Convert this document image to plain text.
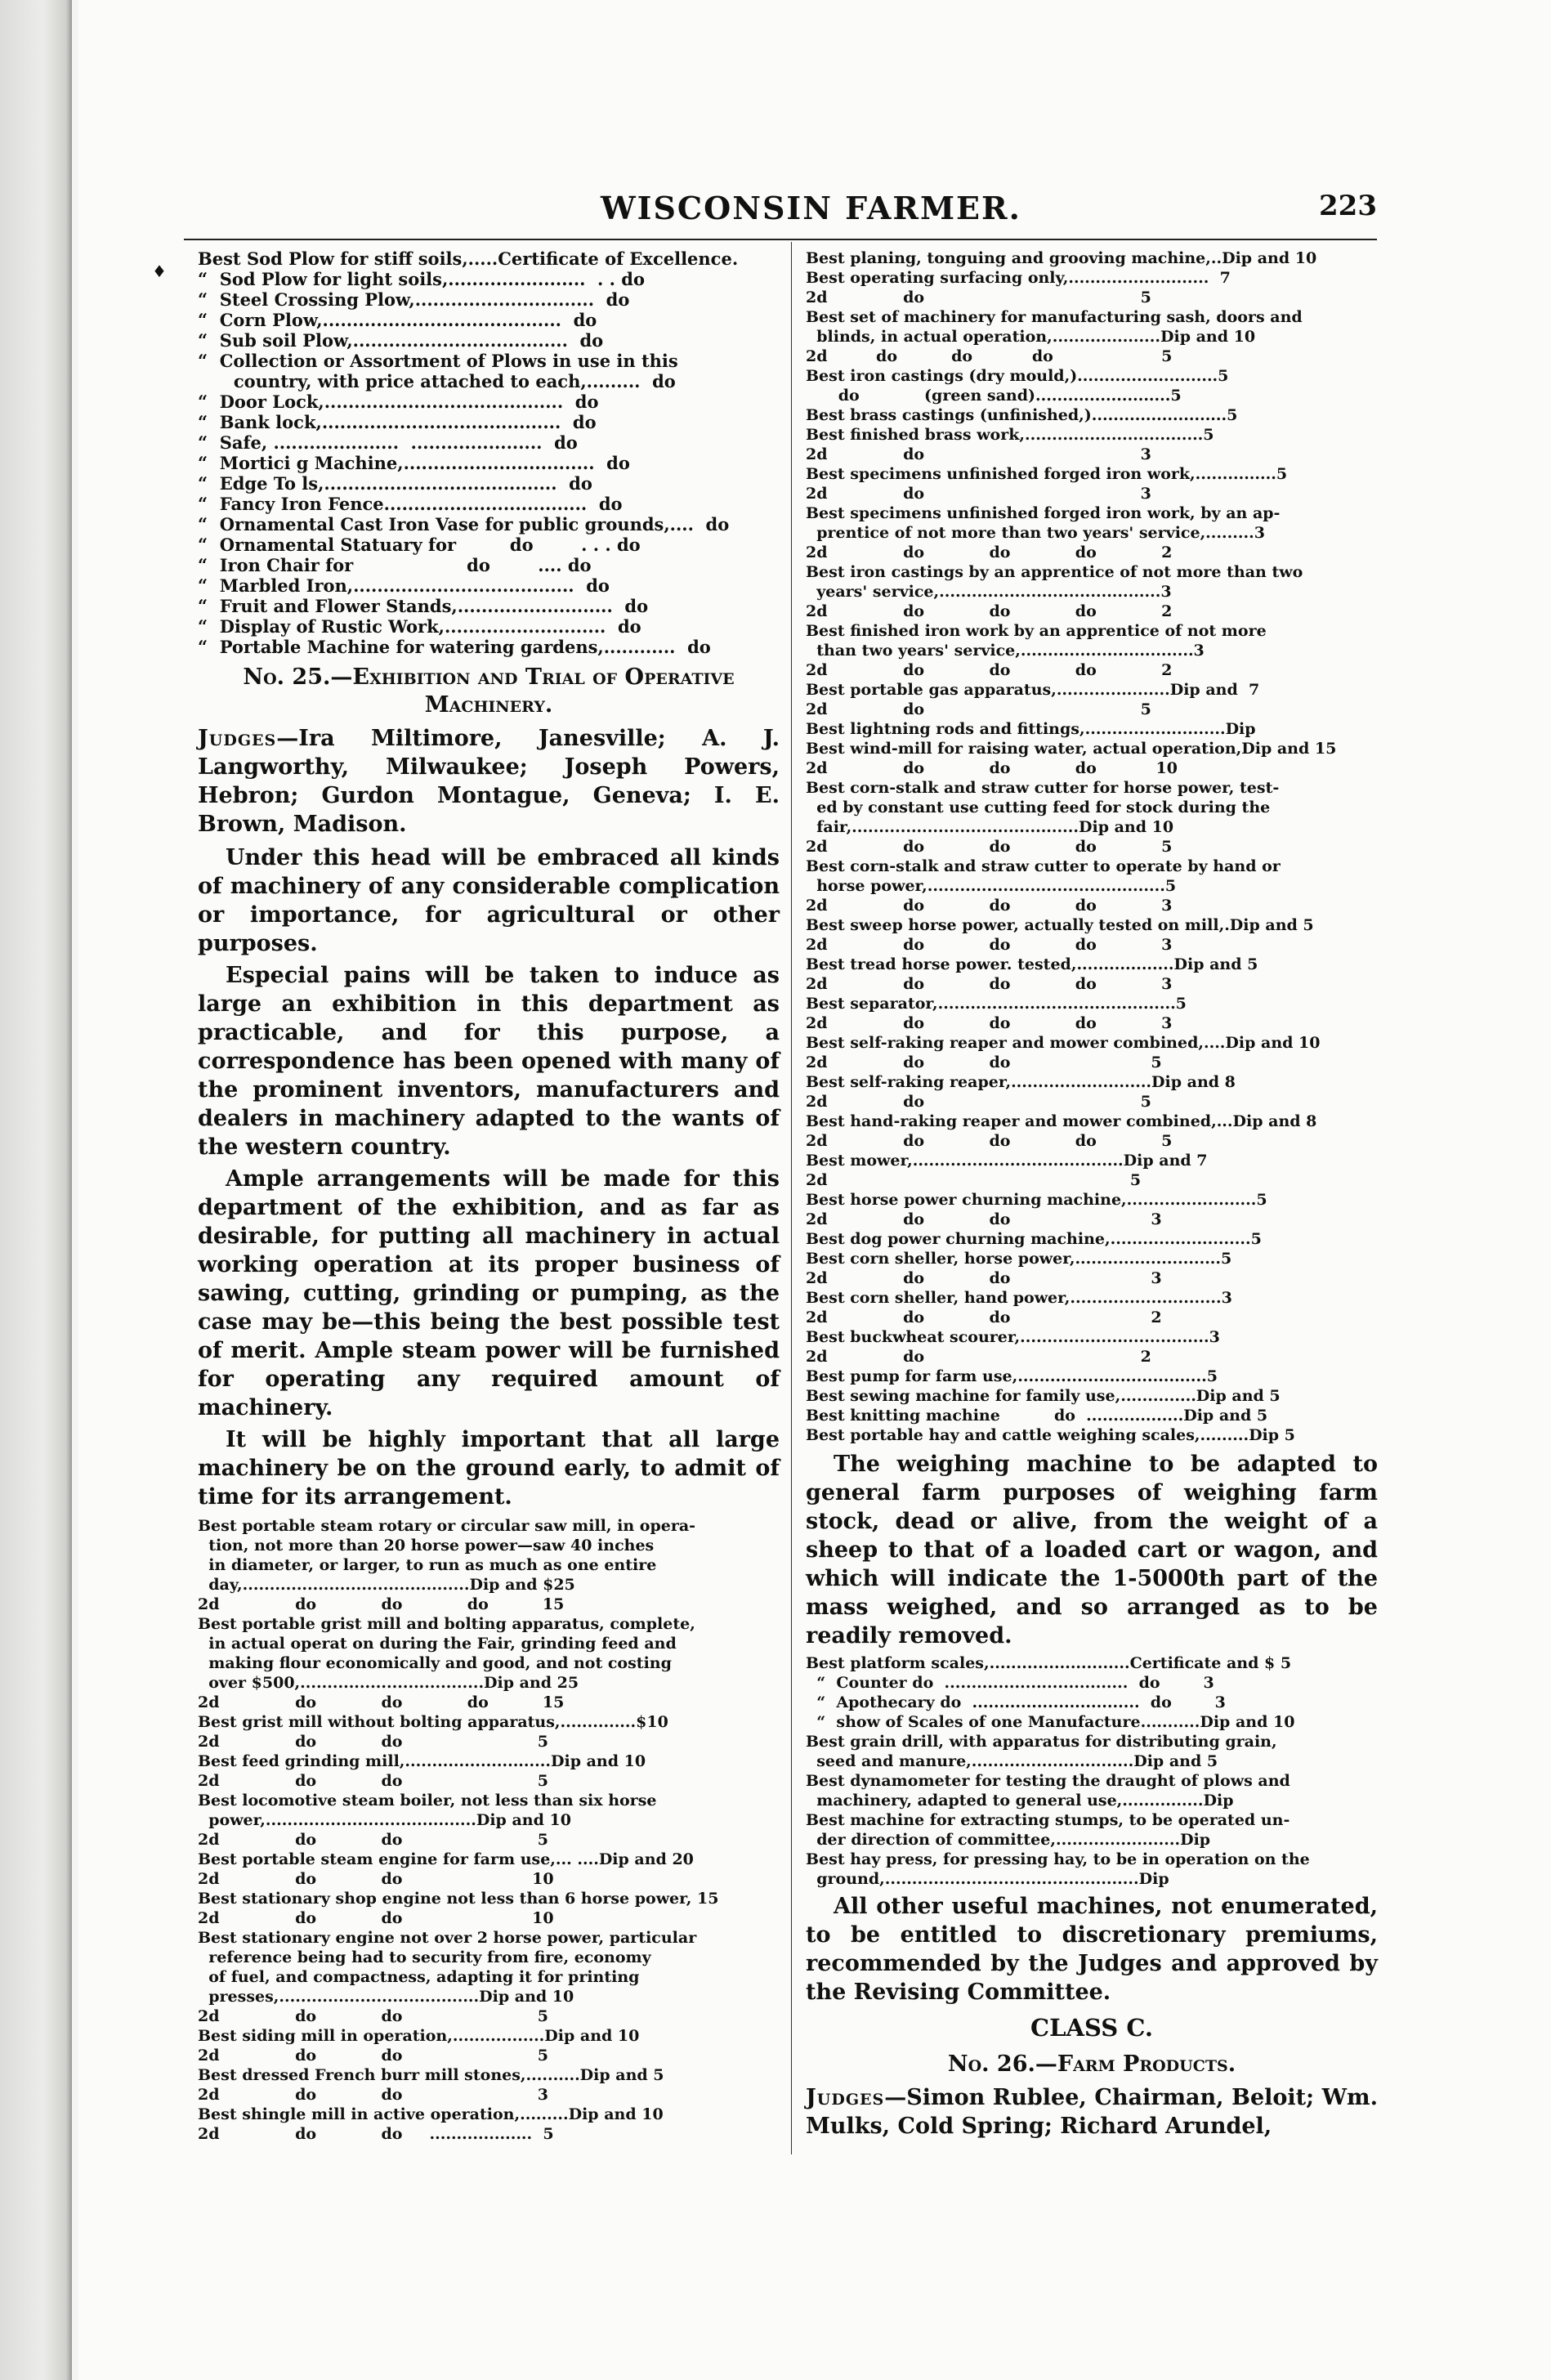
WISCONSIN FARMER.	223
♦
Best Sod Plow for stiff soils,.....Certificate of Excellence.
“  Sod Plow for light soils,.......................  . . do
“  Steel Crossing Plow,..............................  do
“  Corn Plow,........................................  do
“  Sub soil Plow,....................................  do
“  Collection or Assortment of Plows in use in this
country, with price attached to each,.........  do
“  Door Lock,........................................  do
“  Bank lock,........................................  do
“  Safe, .....................  ......................  do
“  Mortici g Machine,................................  do
“  Edge To ls,.......................................  do
“  Fancy Iron Fence..................................  do
“  Ornamental Cast Iron Vase for public grounds,....  do
“  Ornamental Statuary for         do        . . . do
“  Iron Chair for                   do        .... do
“  Marbled Iron,.....................................  do
“  Fruit and Flower Stands,..........................  do
“  Display of Rustic Work,...........................  do
“  Portable Machine for watering gardens,............  do
No. 25.—Exhibition and Trial of Operative Machinery.
Judges—Ira Miltimore, Janesville; A. J. Langworthy, Milwaukee; Joseph Powers, Hebron; Gurdon Montague, Geneva; I. E. Brown, Madison.
Under this head will be embraced all kinds of machinery of any considerable complication or importance, for agricultural or other purposes.
Especial pains will be taken to induce as large an exhibition in this department as practicable, and for this purpose, a correspondence has been opened with many of the prominent inventors, manufacturers and dealers in machinery adapted to the wants of the western country.
Ample arrangements will be made for this department of the exhibition, and as far as desirable, for putting all machinery in actual working operation at its proper business of sawing, cutting, grinding or pumping, as the case may be—this being the best possible test of merit. Ample steam power will be furnished for operating any required amount of machinery.
It will be highly important that all large machinery be on the ground early, to admit of time for its arrangement.
Best portable steam rotary or circular saw mill, in opera-
tion, not more than 20 horse power—saw 40 inches
in diameter, or larger, to run as much as one entire
day,..........................................Dip and $25
2d              do            do            do          15
Best portable grist mill and bolting apparatus, complete,
in actual operat on during the Fair, grinding feed and
making flour economically and good, and not costing
over $500,..................................Dip and 25
2d              do            do            do          15
Best grist mill without bolting apparatus,..............$10
2d              do            do                         5
Best feed grinding mill,...........................Dip and 10
2d              do            do                         5
Best locomotive steam boiler, not less than six horse
power,.......................................Dip and 10
2d              do            do                         5
Best portable steam engine for farm use,... ....Dip and 20
2d              do            do                        10
Best stationary shop engine not less than 6 horse power, 15
2d              do            do                        10
Best stationary engine not over 2 horse power, particular
reference being had to security from fire, economy
of fuel, and compactness, adapting it for printing
presses,.....................................Dip and 10
2d              do            do                         5
Best siding mill in operation,.................Dip and 10
2d              do            do                         5
Best dressed French burr mill stones,..........Dip and 5
2d              do            do                         3
Best shingle mill in active operation,.........Dip and 10
2d              do            do     ...................  5
Best planing, tonguing and grooving machine,..Dip and 10
Best operating surfacing only,..........................  7
2d              do                                        5
Best set of machinery for manufacturing sash, doors and
blinds, in actual operation,....................Dip and 10
2d         do          do           do                    5
Best iron castings (dry mould,)..........................5
do            (green sand).........................5
Best brass castings (unfinished,).........................5
Best finished brass work,.................................5
2d              do                                        3
Best specimens unfinished forged iron work,...............5
2d              do                                        3
Best specimens unfinished forged iron work, by an ap-
prentice of not more than two years' service,.........3
2d              do            do            do            2
Best iron castings by an apprentice of not more than two
years' service,.........................................3
2d              do            do            do            2
Best finished iron work by an apprentice of not more
than two years' service,................................3
2d              do            do            do            2
Best portable gas apparatus,.....................Dip and  7
2d              do                                        5
Best lightning rods and fittings,..........................Dip
Best wind-mill for raising water, actual operation,Dip and 15
2d              do            do            do           10
Best corn-stalk and straw cutter for horse power, test-
ed by constant use cutting feed for stock during the
fair,..........................................Dip and 10
2d              do            do            do            5
Best corn-stalk and straw cutter to operate by hand or
horse power,............................................5
2d              do            do            do            3
Best sweep horse power, actually tested on mill,.Dip and 5
2d              do            do            do            3
Best tread horse power. tested,..................Dip and 5
2d              do            do            do            3
Best separator,............................................5
2d              do            do            do            3
Best self-raking reaper and mower combined,....Dip and 10
2d              do            do                          5
Best self-raking reaper,..........................Dip and 8
2d              do                                        5
Best hand-raking reaper and mower combined,...Dip and 8
2d              do            do            do            5
Best mower,.......................................Dip and 7
2d                                                        5
Best horse power churning machine,........................5
2d              do            do                          3
Best dog power churning machine,..........................5
Best corn sheller, horse power,...........................5
2d              do            do                          3
Best corn sheller, hand power,............................3
2d              do            do                          2
Best buckwheat scourer,...................................3
2d              do                                        2
Best pump for farm use,...................................5
Best sewing machine for family use,..............Dip and 5
Best knitting machine          do  ..................Dip and 5
Best portable hay and cattle weighing scales,.........Dip 5
The weighing machine to be adapted to general farm purposes of weighing farm stock, dead or alive, from the weight of a sheep to that of a loaded cart or wagon, and which will indicate the 1-5000th part of the mass weighed, and so arranged as to be readily removed.
Best platform scales,..........................Certificate and $ 5
“  Counter do  ..................................  do        3
“  Apothecary do  ...............................  do        3
“  show of Scales of one Manufacture...........Dip and 10
Best grain drill, with apparatus for distributing grain,
seed and manure,..............................Dip and 5
Best dynamometer for testing the draught of plows and
machinery, adapted to general use,...............Dip
Best machine for extracting stumps, to be operated un-
der direction of committee,.......................Dip
Best hay press, for pressing hay, to be in operation on the
ground,...............................................Dip
All other useful machines, not enumerated, to be entitled to discretionary premiums, recommended by the Judges and approved by the Revising Committee.
CLASS C.
No. 26.—Farm Products.
Judges—Simon Rublee, Chairman, Beloit; Wm. Mulks, Cold Spring; Richard Arundel,
